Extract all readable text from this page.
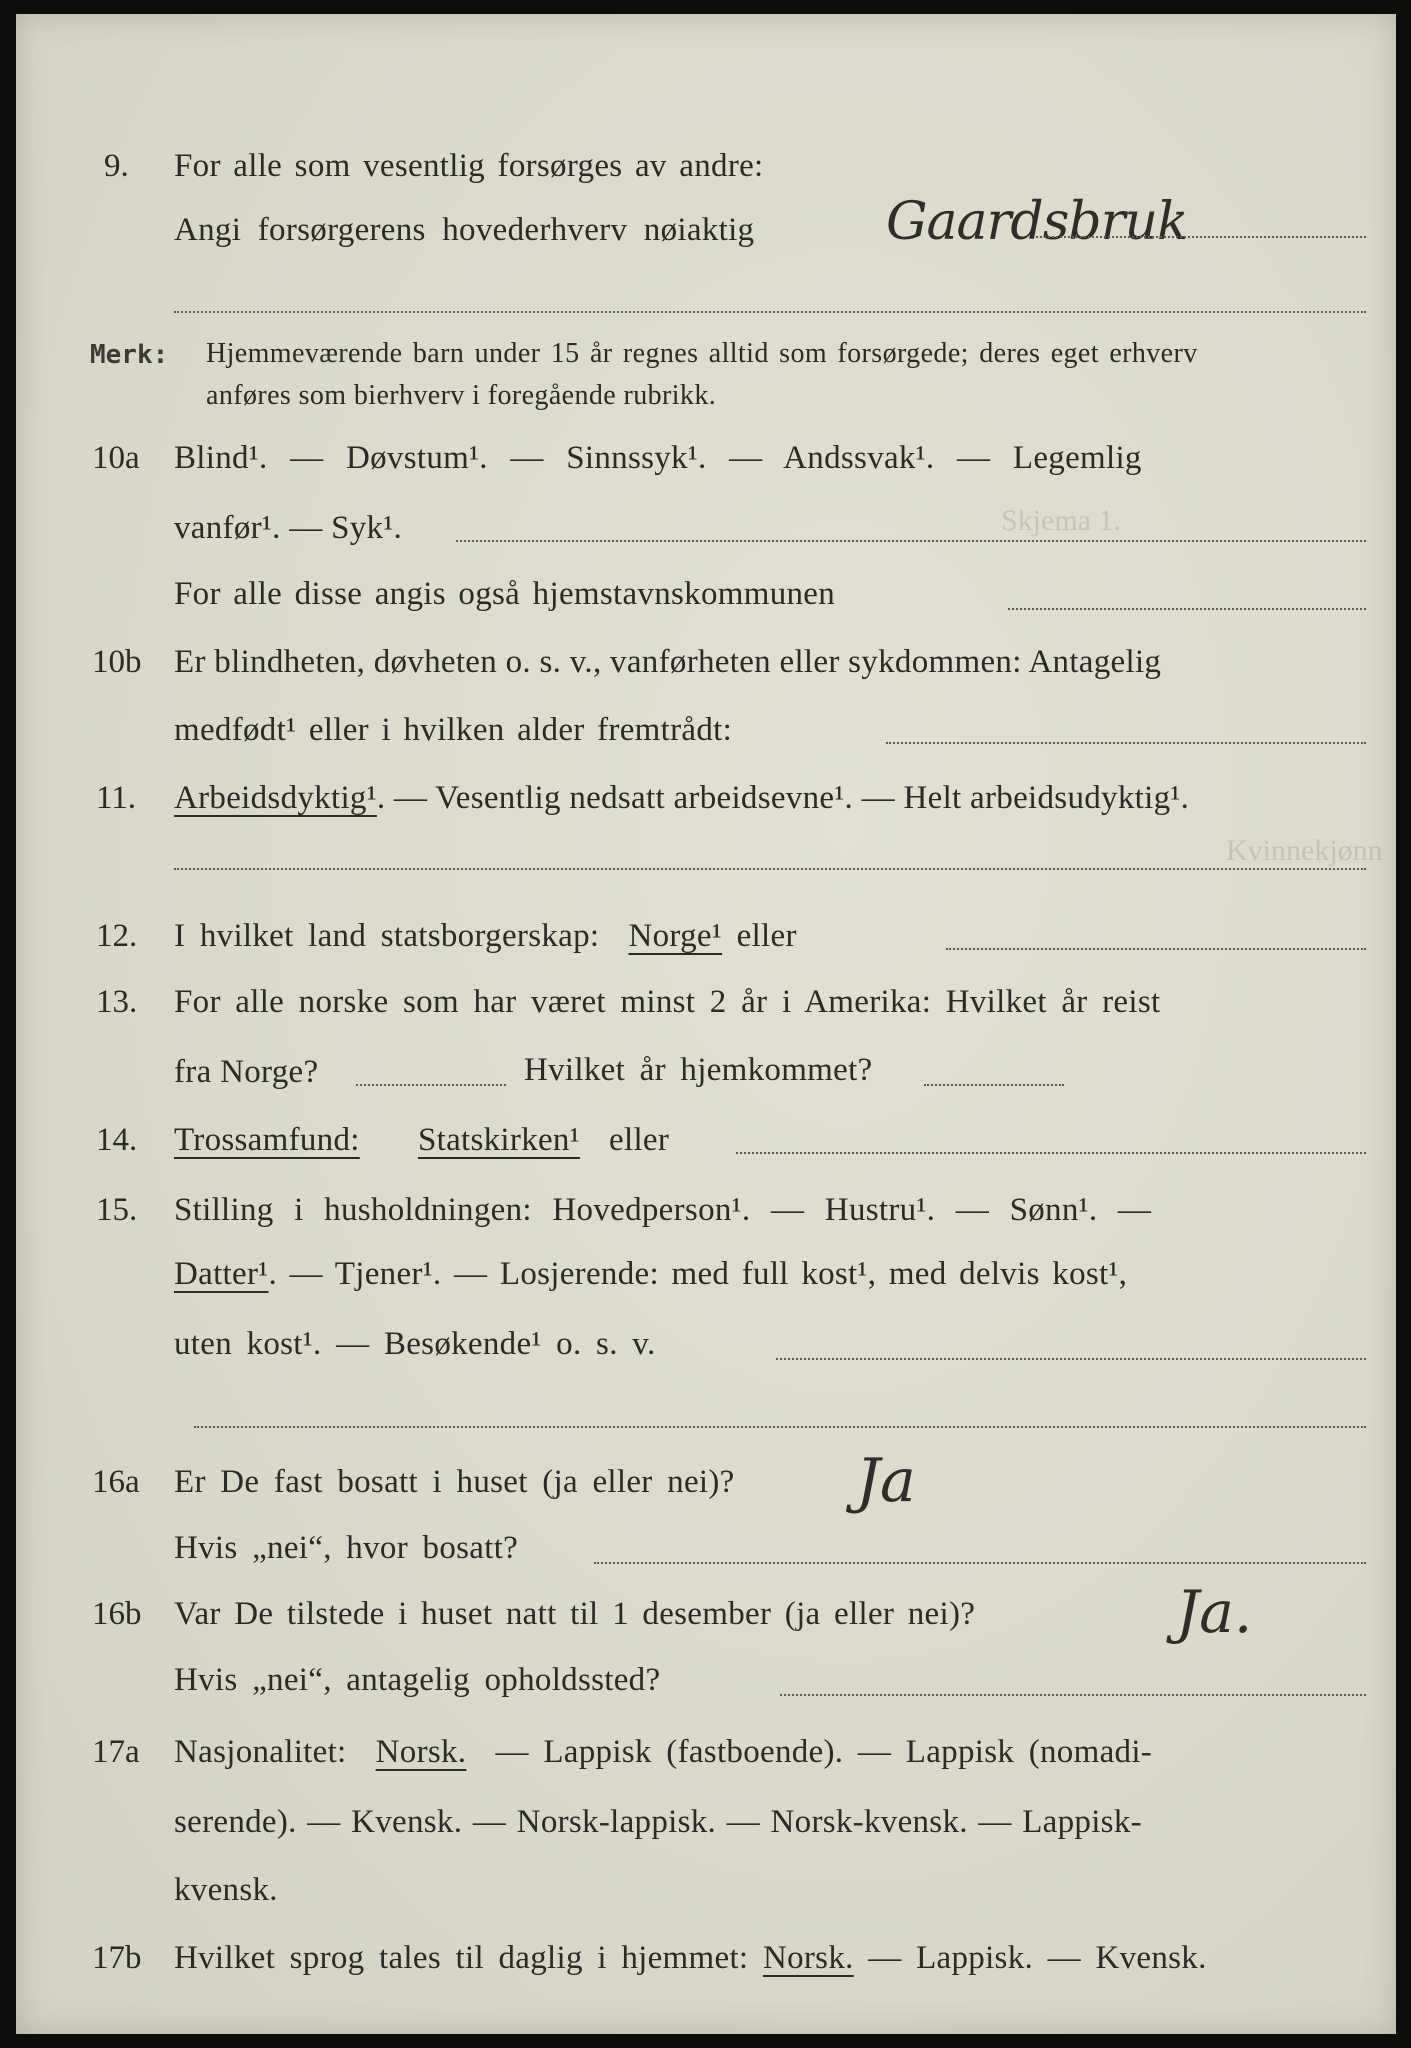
Skjema 1.
Kvinnekjønn
9. For alle som vesentlig forsørges av andre:
Angi forsørgerens hovederhverv nøiaktig	Gaardsbruk
Merk: Hjemmeværende barn under 15 år regnes alltid som forsørgede; deres eget erhverv
anføres som bierhverv i foregående rubrikk.
10a Blind¹. — Døvstum¹. — Sinnssyk¹. — Andssvak¹. — Legemlig
vanfør¹. — Syk¹.
For alle disse angis også hjemstavnskommunen
10b Er blindheten, døvheten o. s. v., vanførheten eller sykdommen: Antagelig
medfødt¹ eller i hvilken alder fremtrådt:
11. Arbeidsdyktig¹. — Vesentlig nedsatt arbeidsevne¹. — Helt arbeidsudyktig¹.
12. I hvilket land statsborgerskap: Norge¹ eller
13. For alle norske som har været minst 2 år i Amerika: Hvilket år reist
fra Norge?	Hvilket år hjemkommet?
14. Trossamfund: Statskirken¹ eller
15. Stilling i husholdningen: Hovedperson¹. — Hustru¹. — Sønn¹. —
Datter¹. — Tjener¹. — Losjerende: med full kost¹, med delvis kost¹,
uten kost¹. — Besøkende¹ o. s. v.
16a Er De fast bosatt i huset (ja eller nei)? Ja
Hvis „nei“, hvor bosatt?
16b Var De tilstede i huset natt til 1 desember (ja eller nei)?	Ja.
Hvis „nei“, antagelig opholdssted?
17a Nasjonalitet: Norsk. — Lappisk (fastboende). — Lappisk (nomadi-
serende). — Kvensk. — Norsk-lappisk. — Norsk-kvensk. — Lappisk-
kvensk.
17b Hvilket sprog tales til daglig i hjemmet: Norsk. — Lappisk. — Kvensk.
